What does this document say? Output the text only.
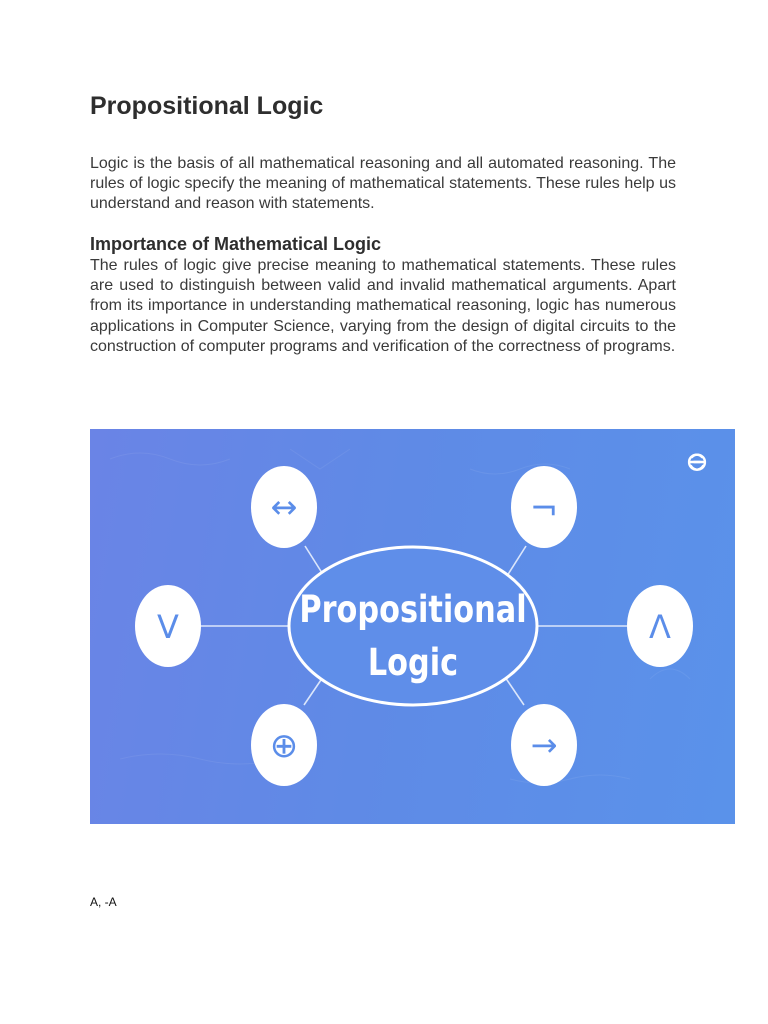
Propositional Logic

Logic is the basis of all mathematical reasoning and all automated reasoning. The rules of logic specify the meaning of mathematical statements. These rules help us understand and reason with statements.

Importance of Mathematical Logic

The rules of logic give precise meaning to mathematical statements. These rules are used to distinguish between valid and invalid mathematical arguments. Apart from its importance in understanding mathematical reasoning, logic has numerous applications in Computer Science, varying from the design of digital circuits to the construction of computer programs and verification of the correctness of programs.

Propositional
Logic
↔	¬
V	Λ
⊕	→

A, -A
